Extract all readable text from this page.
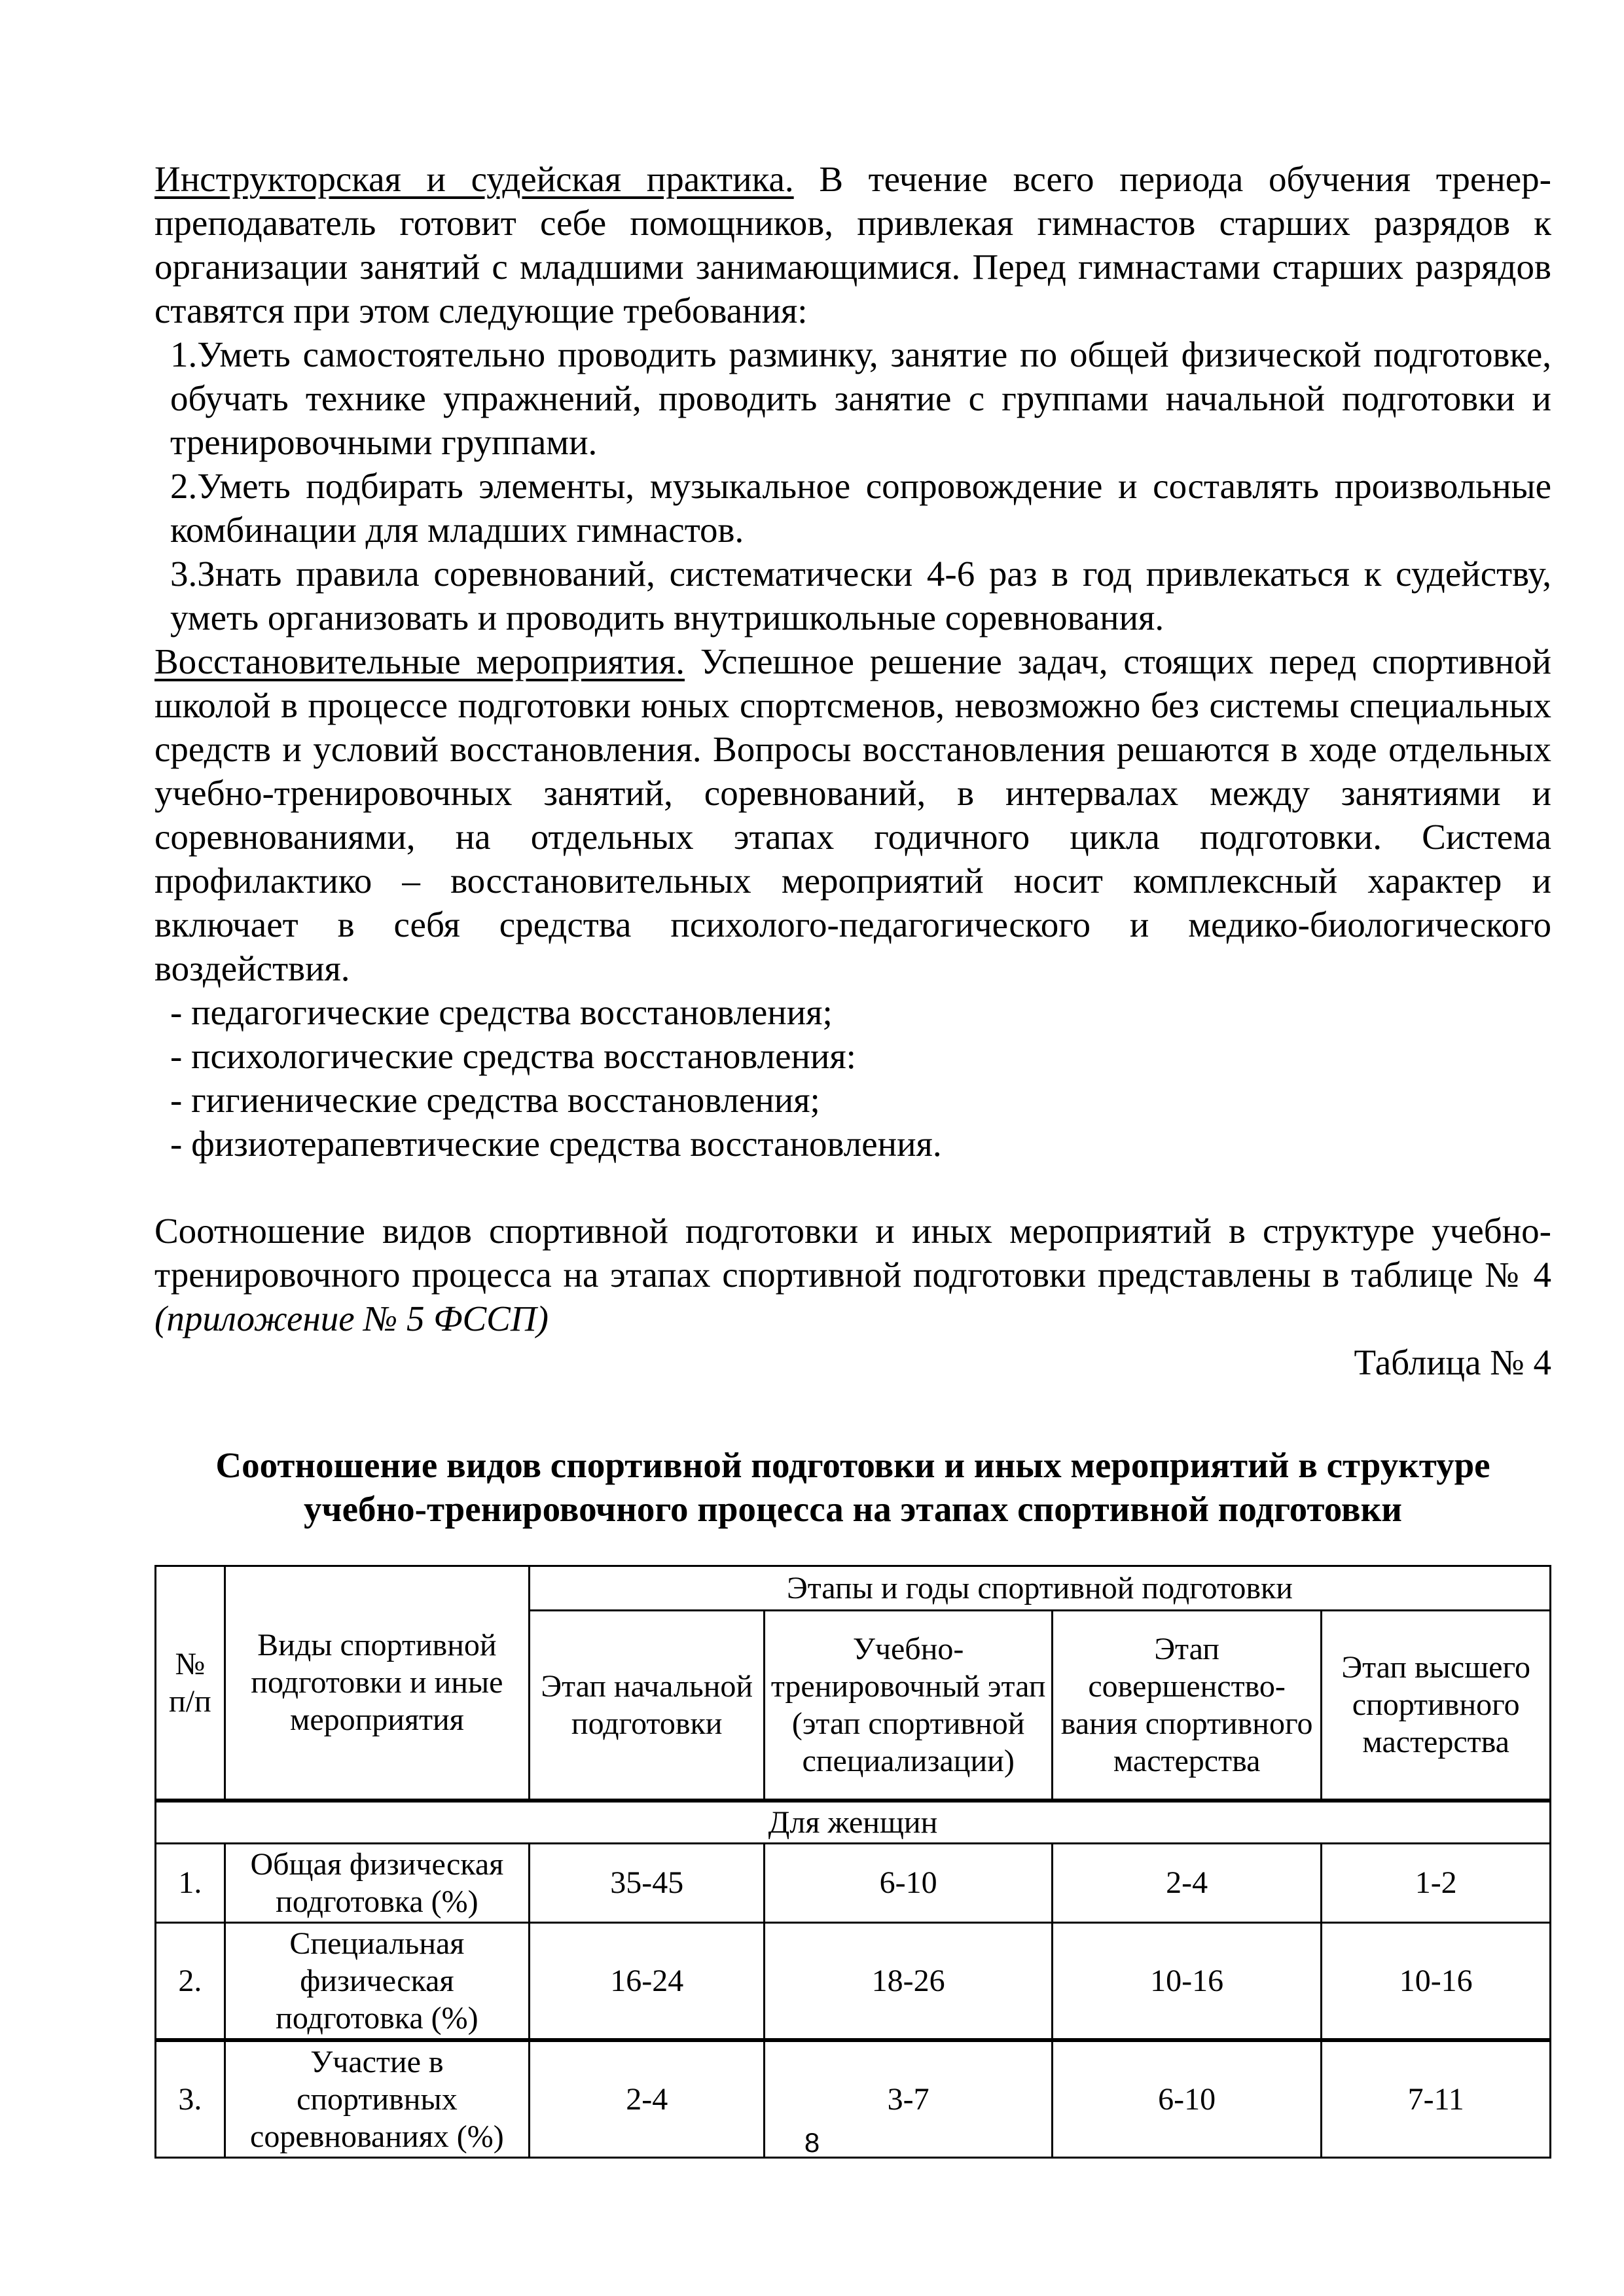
Инструкторская и судейская практика. В течение всего периода обучения тренер-преподаватель готовит себе помощников, привлекая гимнастов старших разрядов к организации занятий с младшими занимающимися. Перед гимнастами старших разрядов ставятся при этом следующие требования:

1.Уметь самостоятельно проводить разминку, занятие по общей физической подготовке, обучать технике упражнений, проводить занятие с группами начальной подготовки и тренировочными группами.

2.Уметь подбирать элементы, музыкальное сопровождение и составлять произвольные комбинации для младших гимнастов.

3.Знать правила соревнований, систематически 4-6 раз в год привлекаться к судейству, уметь организовать и проводить внутришкольные соревнования.

Восстановительные мероприятия. Успешное решение задач, стоящих перед спортивной школой в процессе подготовки юных спортсменов, невозможно без системы специальных средств и условий восстановления. Вопросы восстановления решаются в ходе отдельных учебно-тренировочных занятий, соревнований, в интервалах между занятиями и соревнованиями, на отдельных этапах годичного цикла подготовки. Система профилактико – восстановительных мероприятий носит комплексный характер и включает в себя средства психолого-педагогического и медико-биологического воздействия.

- педагогические средства восстановления;

- психологические средства восстановления:

- гигиенические средства восстановления;

- физиотерапевтические средства восстановления.

Соотношение видов спортивной подготовки и иных мероприятий в структуре учебно-тренировочного процесса на этапах спортивной подготовки представлены в таблице № 4 (приложение № 5 ФССП)

Таблица № 4

Соотношение видов спортивной подготовки и иных мероприятий в структуре
учебно-тренировочного процесса на этапах спортивной подготовки
№ п/п	Виды спортивной подготовки и иные мероприятия	Этапы и годы спортивной подготовки			
		Этап начальной подготовки	Учебно-тренировочный этап (этап спортивной специализации)	Этап совершенство-вания спортивного мастерства	Этап высшего спортивного мастерства
Для женщин					
1.	Общая физическая подготовка (%)	35-45	6-10	2-4	1-2
2.	Специальная физическая подготовка (%)	16-24	18-26	10-16	10-16
3.	Участие в спортивных соревнованиях (%)	2-4	3-7	6-10	7-11
8
